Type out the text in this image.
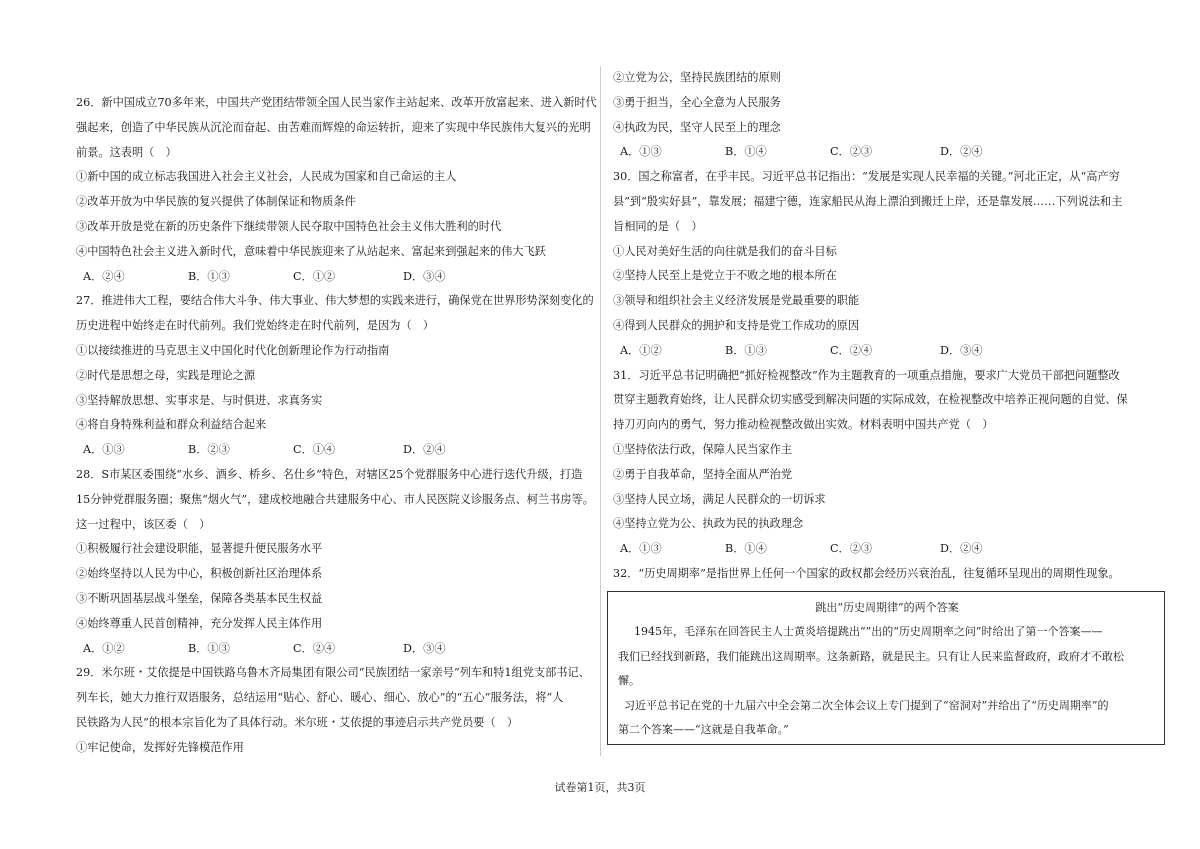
26．新中国成立70多年来，中国共产党团结带领全国人民当家作主站起来、改革开放富起来、进入新时代
强起来，创造了中华民族从沉沦而奋起、由苦难而辉煌的命运转折，迎来了实现中华民族伟大复兴的光明
前景。这表明（　）
①新中国的成立标志我国进入社会主义社会，人民成为国家和自己命运的主人
②改革开放为中华民族的复兴提供了体制保证和物质条件
③改革开放是党在新的历史条件下继续带领人民夺取中国特色社会主义伟大胜利的时代
④中国特色社会主义进入新时代，意味着中华民族迎来了从站起来、富起来到强起来的伟大飞跃
A．②④	B．①③	C．①②	D．③④
27．推进伟大工程，要结合伟大斗争、伟大事业、伟大梦想的实践来进行，确保党在世界形势深刻变化的
历史进程中始终走在时代前列。我们党始终走在时代前列，是因为（　）
①以接续推进的马克思主义中国化时代化创新理论作为行动指南
②时代是思想之母，实践是理论之源
③坚持解放思想、实事求是、与时俱进、求真务实
④将自身特殊利益和群众利益结合起来
A．①③	B．②③	C．①④	D．②④
28．S市某区委围绕“水乡、酒乡、桥乡、名仕乡”特色，对辖区25个党群服务中心进行迭代升级，打造
15分钟党群服务圈；聚焦“烟火气”，建成校地融合共建服务中心、市人民医院义诊服务点、柯兰书房等。
这一过程中，该区委（　）
①积极履行社会建设职能，显著提升便民服务水平
②始终坚持以人民为中心，积极创新社区治理体系
③不断巩固基层战斗堡垒，保障各类基本民生权益
④始终尊重人民首创精神，充分发挥人民主体作用
A．①②	B．①③	C．②④	D．③④
29．米尔班・艾依提是中国铁路乌鲁木齐局集团有限公司“民族团结一家亲号”列车和特1组党支部书记、
列车长，她大力推行双语服务，总结运用“贴心、舒心、暖心、细心、放心”的“五心”服务法，将“人
民铁路为人民”的根本宗旨化为了具体行动。米尔班・艾依提的事迹启示共产党员要（　）
①牢记使命，发挥好先锋模范作用
②立党为公，坚持民族团结的原则
③勇于担当，全心全意为人民服务
④执政为民，坚守人民至上的理念
A．①③	B．①④	C．②③	D．②④
30．国之称富者，在乎丰民。习近平总书记指出：“发展是实现人民幸福的关键。”河北正定，从“高产穷
县”到“殷实好县”，靠发展；福建宁德，连家船民从海上漂泊到搬迁上岸，还是靠发展……下列说法和主
旨相同的是（　）
①人民对美好生活的向往就是我们的奋斗目标
②坚持人民至上是党立于不败之地的根本所在
③领导和组织社会主义经济发展是党最重要的职能
④得到人民群众的拥护和支持是党工作成功的原因
A．①②	B．①③	C．②④	D．③④
31．习近平总书记明确把“抓好检视整改”作为主题教育的一项重点措施，要求广大党员干部把问题整改
贯穿主题教育始终，让人民群众切实感受到解决问题的实际成效，在检视整改中培养正视问题的自觉、保
持刀刃向内的勇气，努力推动检视整改做出实效。材料表明中国共产党（　）
①坚持依法行政，保障人民当家作主
②勇于自我革命，坚持全面从严治党
③坚持人民立场，满足人民群众的一切诉求
④坚持立党为公、执政为民的执政理念
A．①③	B．①④	C．②③	D．②④
32．“历史周期率”是指世界上任何一个国家的政权都会经历兴衰治乱，往复循环呈现出的周期性现象。
跳出“历史周期律”的两个答案
1945年，毛泽东在回答民主人士黄炎培提跳出“”出的“历史周期率之问”时给出了第一个答案——
我们已经找到新路，我们能跳出这周期率。这条新路，就是民主。只有让人民来监督政府，政府才不敢松
懈。
习近平总书记在党的十九届六中全会第二次全体会议上专门提到了“窑洞对”并给出了“历史周期率”的
第二个答案——“这就是自我革命。”
试卷第1页，共3页
